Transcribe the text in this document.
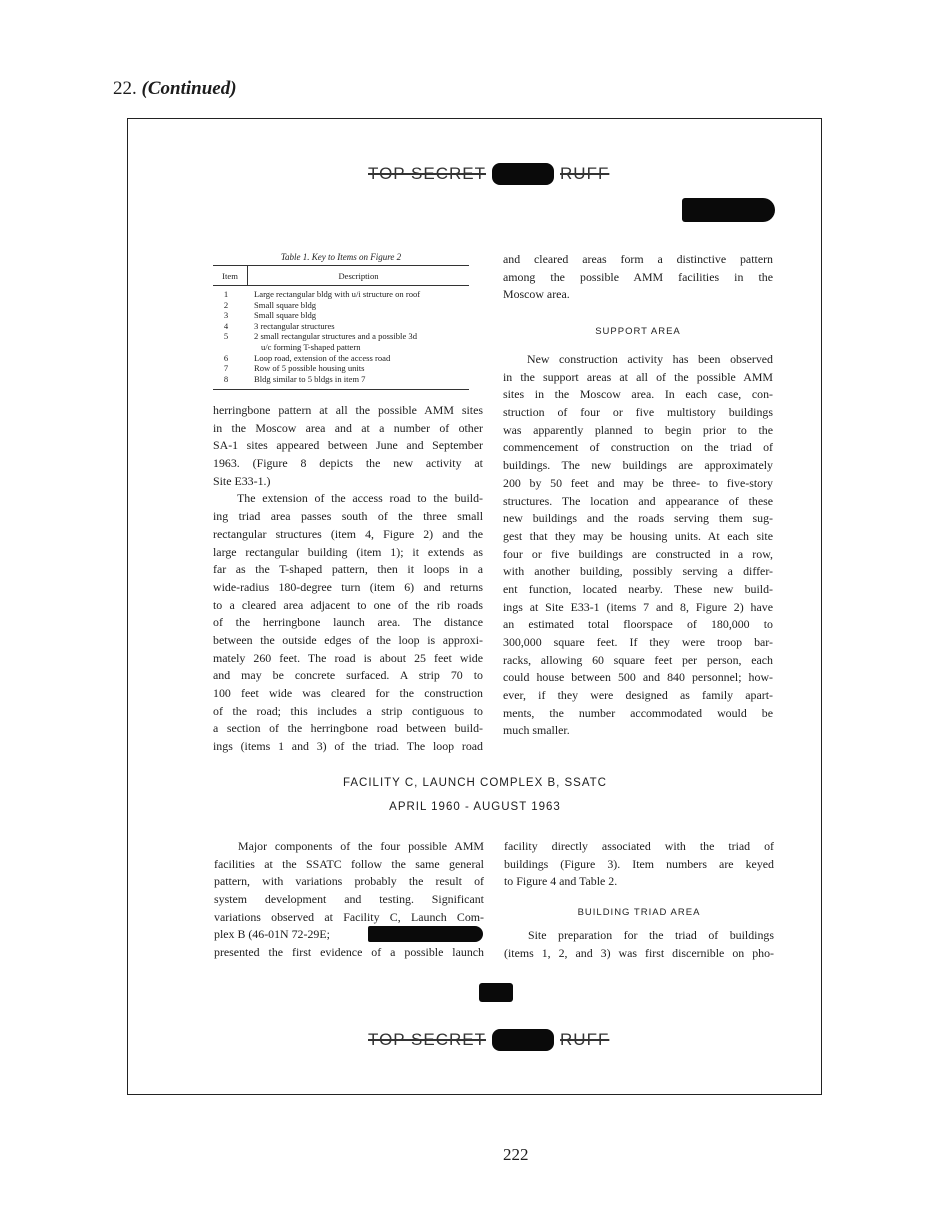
22. (Continued)
TOP SECRET	RUFF
Table 1. Key to Items on Figure 2
Item	Description
1	Large rectangular bldg with u/i structure on roof
2	Small square bldg
3	Small square bldg
4	3 rectangular structures
5	2 small rectangular structures and a possible 3d
u/c forming T-shaped pattern
6	Loop road, extension of the access road
7	Row of 5 possible housing units
8	Bldg similar to 5 bldgs in item 7
herringbone pattern at all the possible AMM sites
in the Moscow area and at a number of other
SA-1 sites appeared between June and September
1963. (Figure 8 depicts the new activity at
Site E33-1.)
The extension of the access road to the build-
ing triad area passes south of the three small
rectangular structures (item 4, Figure 2) and the
large rectangular building (item 1); it extends as
far as the T-shaped pattern, then it loops in a
wide-radius 180-degree turn (item 6) and returns
to a cleared area adjacent to one of the rib roads
of the herringbone launch area. The distance
between the outside edges of the loop is approxi-
mately 260 feet. The road is about 25 feet wide
and may be concrete surfaced. A strip 70 to
100 feet wide was cleared for the construction
of the road; this includes a strip contiguous to
a section of the herringbone road between build-
ings (items 1 and 3) of the triad. The loop road
and cleared areas form a distinctive pattern
among the possible AMM facilities in the
Moscow area.
SUPPORT AREA
New construction activity has been observed
in the support areas at all of the possible AMM
sites in the Moscow area. In each case, con-
struction of four or five multistory buildings
was apparently planned to begin prior to the
commencement of construction on the triad of
buildings. The new buildings are approximately
200 by 50 feet and may be three- to five-story
structures. The location and appearance of these
new buildings and the roads serving them sug-
gest that they may be housing units. At each site
four or five buildings are constructed in a row,
with another building, possibly serving a differ-
ent function, located nearby. These new build-
ings at Site E33-1 (items 7 and 8, Figure 2) have
an estimated total floorspace of 180,000 to
300,000 square feet. If they were troop bar-
racks, allowing 60 square feet per person, each
could house between 500 and 840 personnel; how-
ever, if they were designed as family apart-
ments, the number accommodated would be
much smaller.
FACILITY C, LAUNCH COMPLEX B, SSATC
APRIL 1960 - AUGUST 1963
Major components of the four possible AMM
facilities at the SSATC follow the same general
pattern, with variations probably the result of
system development and testing. Significant
variations observed at Facility C, Launch Com-
plex B (46-01N 72-29E;
presented the first evidence of a possible launch
facility directly associated with the triad of
buildings (Figure 3). Item numbers are keyed
to Figure 4 and Table 2.
BUILDING TRIAD AREA
Site preparation for the triad of buildings
(items 1, 2, and 3) was first discernible on pho-
TOP SECRET	RUFF
222
